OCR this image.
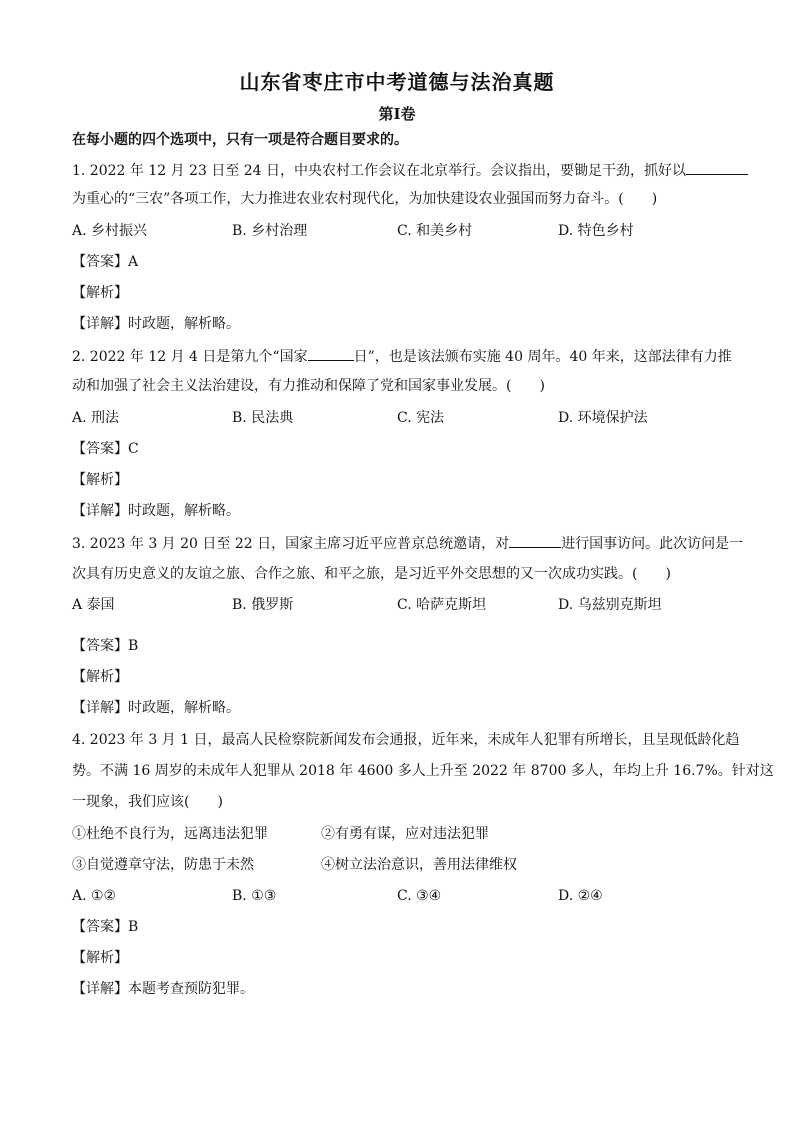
山东省枣庄市中考道德与法治真题
第Ⅰ卷
在每小题的四个选项中，只有一项是符合题目要求的。
1. 2022 年 12 月 23 日至 24 日，中央农村工作会议在北京举行。会议指出，要锄足干劲，抓好以
为重心的“三农”各项工作，大力推进农业农村现代化，为加快建设农业强国而努力奋斗。(　　)
A. 乡村振兴	B. 乡村治理	C. 和美乡村	D. 特色乡村
【答案】A
【解析】
【详解】时政题，解析略。
2. 2022 年 12 月 4 日是第九个“国家	日”，也是该法颁布实施 40 周年。40 年来，这部法律有力推
动和加强了社会主义法治建设，有力推动和保障了党和国家事业发展。(　　)
A. 刑法	B. 民法典	C. 宪法	D. 环境保护法
【答案】C
【解析】
【详解】时政题，解析略。
3. 2023 年 3 月 20 日至 22 日，国家主席习近平应普京总统邀请，对	进行国事访问。此次访问是一
次具有历史意义的友谊之旅、合作之旅、和平之旅，是习近平外交思想的又一次成功实践。(　　)
A 泰国	B. 俄罗斯	C. 哈萨克斯坦	D. 乌兹别克斯坦
【答案】B
【解析】
【详解】时政题，解析略。
4. 2023 年 3 月 1 日，最高人民检察院新闻发布会通报，近年来，未成年人犯罪有所增长，且呈现低龄化趋
势。不满 16 周岁的未成年人犯罪从 2018 年 4600 多人上升至 2022 年 8700 多人，年均上升 16.7%。针对这
一现象，我们应该(　　)
①杜绝不良行为，远离违法犯罪	②有勇有谋，应对违法犯罪
③自觉遵章守法，防患于未然	④树立法治意识，善用法律维权
A. ①②	B. ①③	C. ③④	D. ②④
【答案】B
【解析】
【详解】本题考查预防犯罪。
